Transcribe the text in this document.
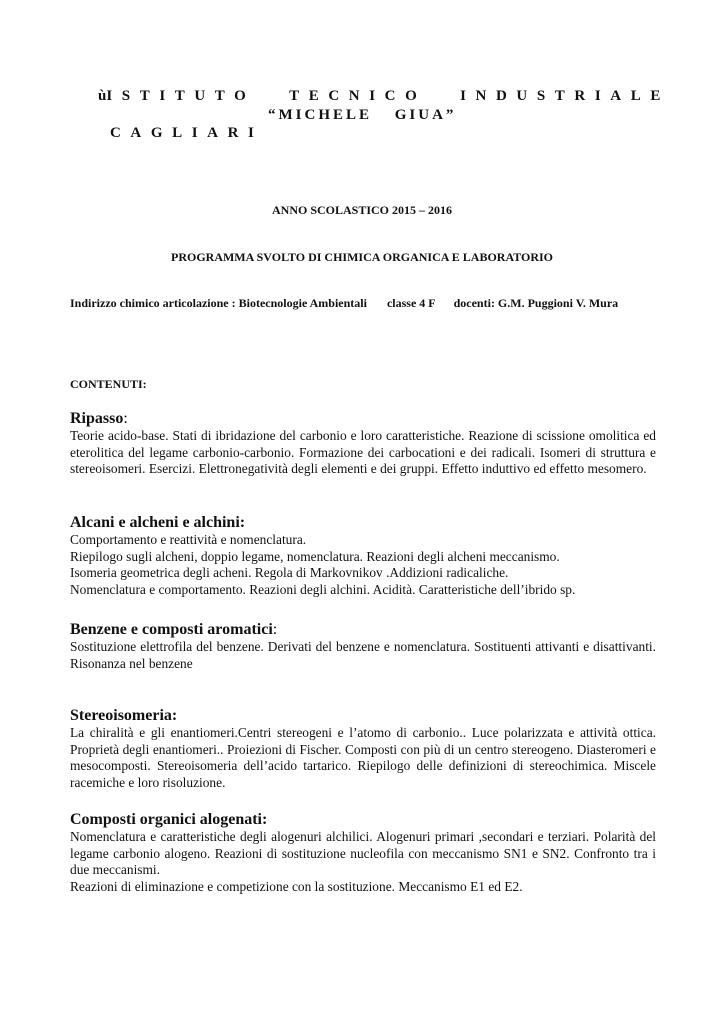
ùISTITUTO TECNICO INDUSTRIALE
“MICHELE GIUA”
CAGLIARI
ANNO SCOLASTICO 2015 – 2016
PROGRAMMA SVOLTO DI CHIMICA ORGANICA E LABORATORIO
Indirizzo chimico articolazione : Biotecnologie Ambientali classe 4 F docenti: G.M. Puggioni V. Mura
CONTENUTI:
Ripasso:

Teorie acido-base. Stati di ibridazione del carbonio e loro caratteristiche. Reazione di scissione omolitica ed eterolitica del legame carbonio-carbonio. Formazione dei carbocationi e dei radicali. Isomeri di struttura e stereoisomeri. Esercizi. Elettronegatività degli elementi e dei gruppi. Effetto induttivo ed effetto mesomero.

Alcani e alcheni e alchini:

Comportamento e reattività e nomenclatura.

Riepilogo sugli alcheni, doppio legame, nomenclatura. Reazioni degli alcheni meccanismo.

Isomeria geometrica degli acheni. Regola di Markovnikov .Addizioni radicaliche.

Nomenclatura e comportamento. Reazioni degli alchini. Acidità. Caratteristiche dell’ibrido sp.

Benzene e composti aromatici:

Sostituzione elettrofila del benzene. Derivati del benzene e nomenclatura. Sostituenti attivanti e disattivanti. Risonanza nel benzene

Stereoisomeria:

La chiralità e gli enantiomeri.Centri stereogeni e l’atomo di carbonio.. Luce polarizzata e attività ottica. Proprietà degli enantiomeri.. Proiezioni di Fischer. Composti con più di un centro stereogeno. Diasteromeri e mesocomposti. Stereoisomeria dell’acido tartarico. Riepilogo delle definizioni di stereochimica. Miscele racemiche e loro risoluzione.

Composti organici alogenati:

Nomenclatura e caratteristiche degli alogenuri alchilici. Alogenuri primari ,secondari e terziari. Polarità del legame carbonio alogeno. Reazioni di sostituzione nucleofila con meccanismo SN1 e SN2. Confronto tra i due meccanismi.

Reazioni di eliminazione e competizione con la sostituzione. Meccanismo E1 ed E2.
